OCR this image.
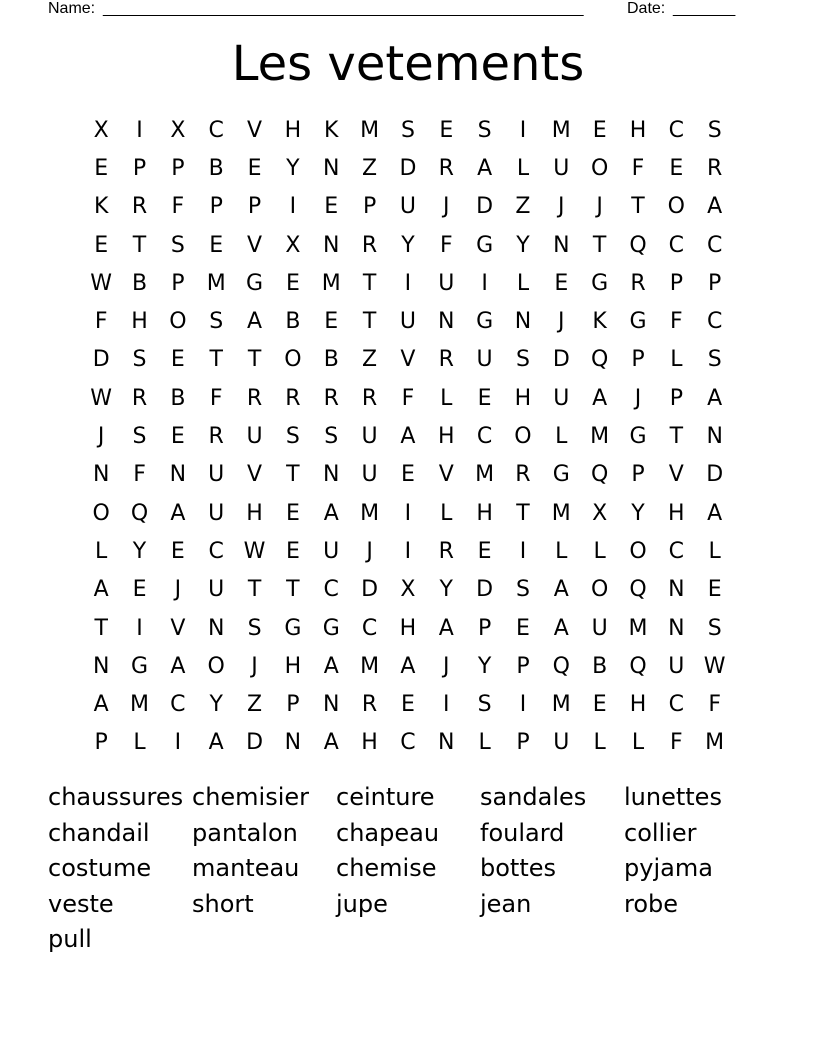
Name: ______________________________________________________	Date: _______
Les vetements
X	I	X	C	V	H	K M S	E	S	I	M E	H	C	S
E	P	P	B	E	Y	N	Z	D	R	A	L	U O	F	E	R
K	R	F	P	P	I	E	P	U	J	D	Z	J	J	T	O	A
E	T	S	E	V	X	N	R	Y	F	G	Y	N	T	Q	C	C
W B	P	M G	E M	T	I	U	I	L	E	G	R	P	P
F	H O	S	A	B	E	T	U	N G N	J	K	G	F	C
D	S	E	T	T	O	B	Z	V	R	U	S	D Q	P	L	S
W R	B	F	R	R	R	R	F	L	E	H	U	A	J	P	A
J	S	E	R	U	S	S	U	A	H	C O	L	M G	T	N
N	F	N	U	V	T	N	U	E	V M R	G Q	P	V	D
O Q	A	U	H	E	A M	I	L	H	T	M X	Y	H	A
L	Y	E	C W E	U	J	I	R	E	I	L	L	O	C	L
A	E	J	U	T	T	C	D	X	Y	D	S	A	O Q N	E
T	I	V	N	S	G G	C	H	A	P	E	A	U M N	S
N G	A	O	J	H	A M A	J	Y	P	Q	B	Q U W
A M C	Y	Z	P	N	R	E	I	S	I	M E	H	C	F
P	L	I	A	D N	A	H	C	N	L	P	U	L	L	F	M
chaussures chemisier	ceinture	sandales	lunettes
chandail	pantalon	chapeau	foulard	collier
costume	manteau	chemise	bottes	pyjama
veste	short	jupe	jean	robe
pull
